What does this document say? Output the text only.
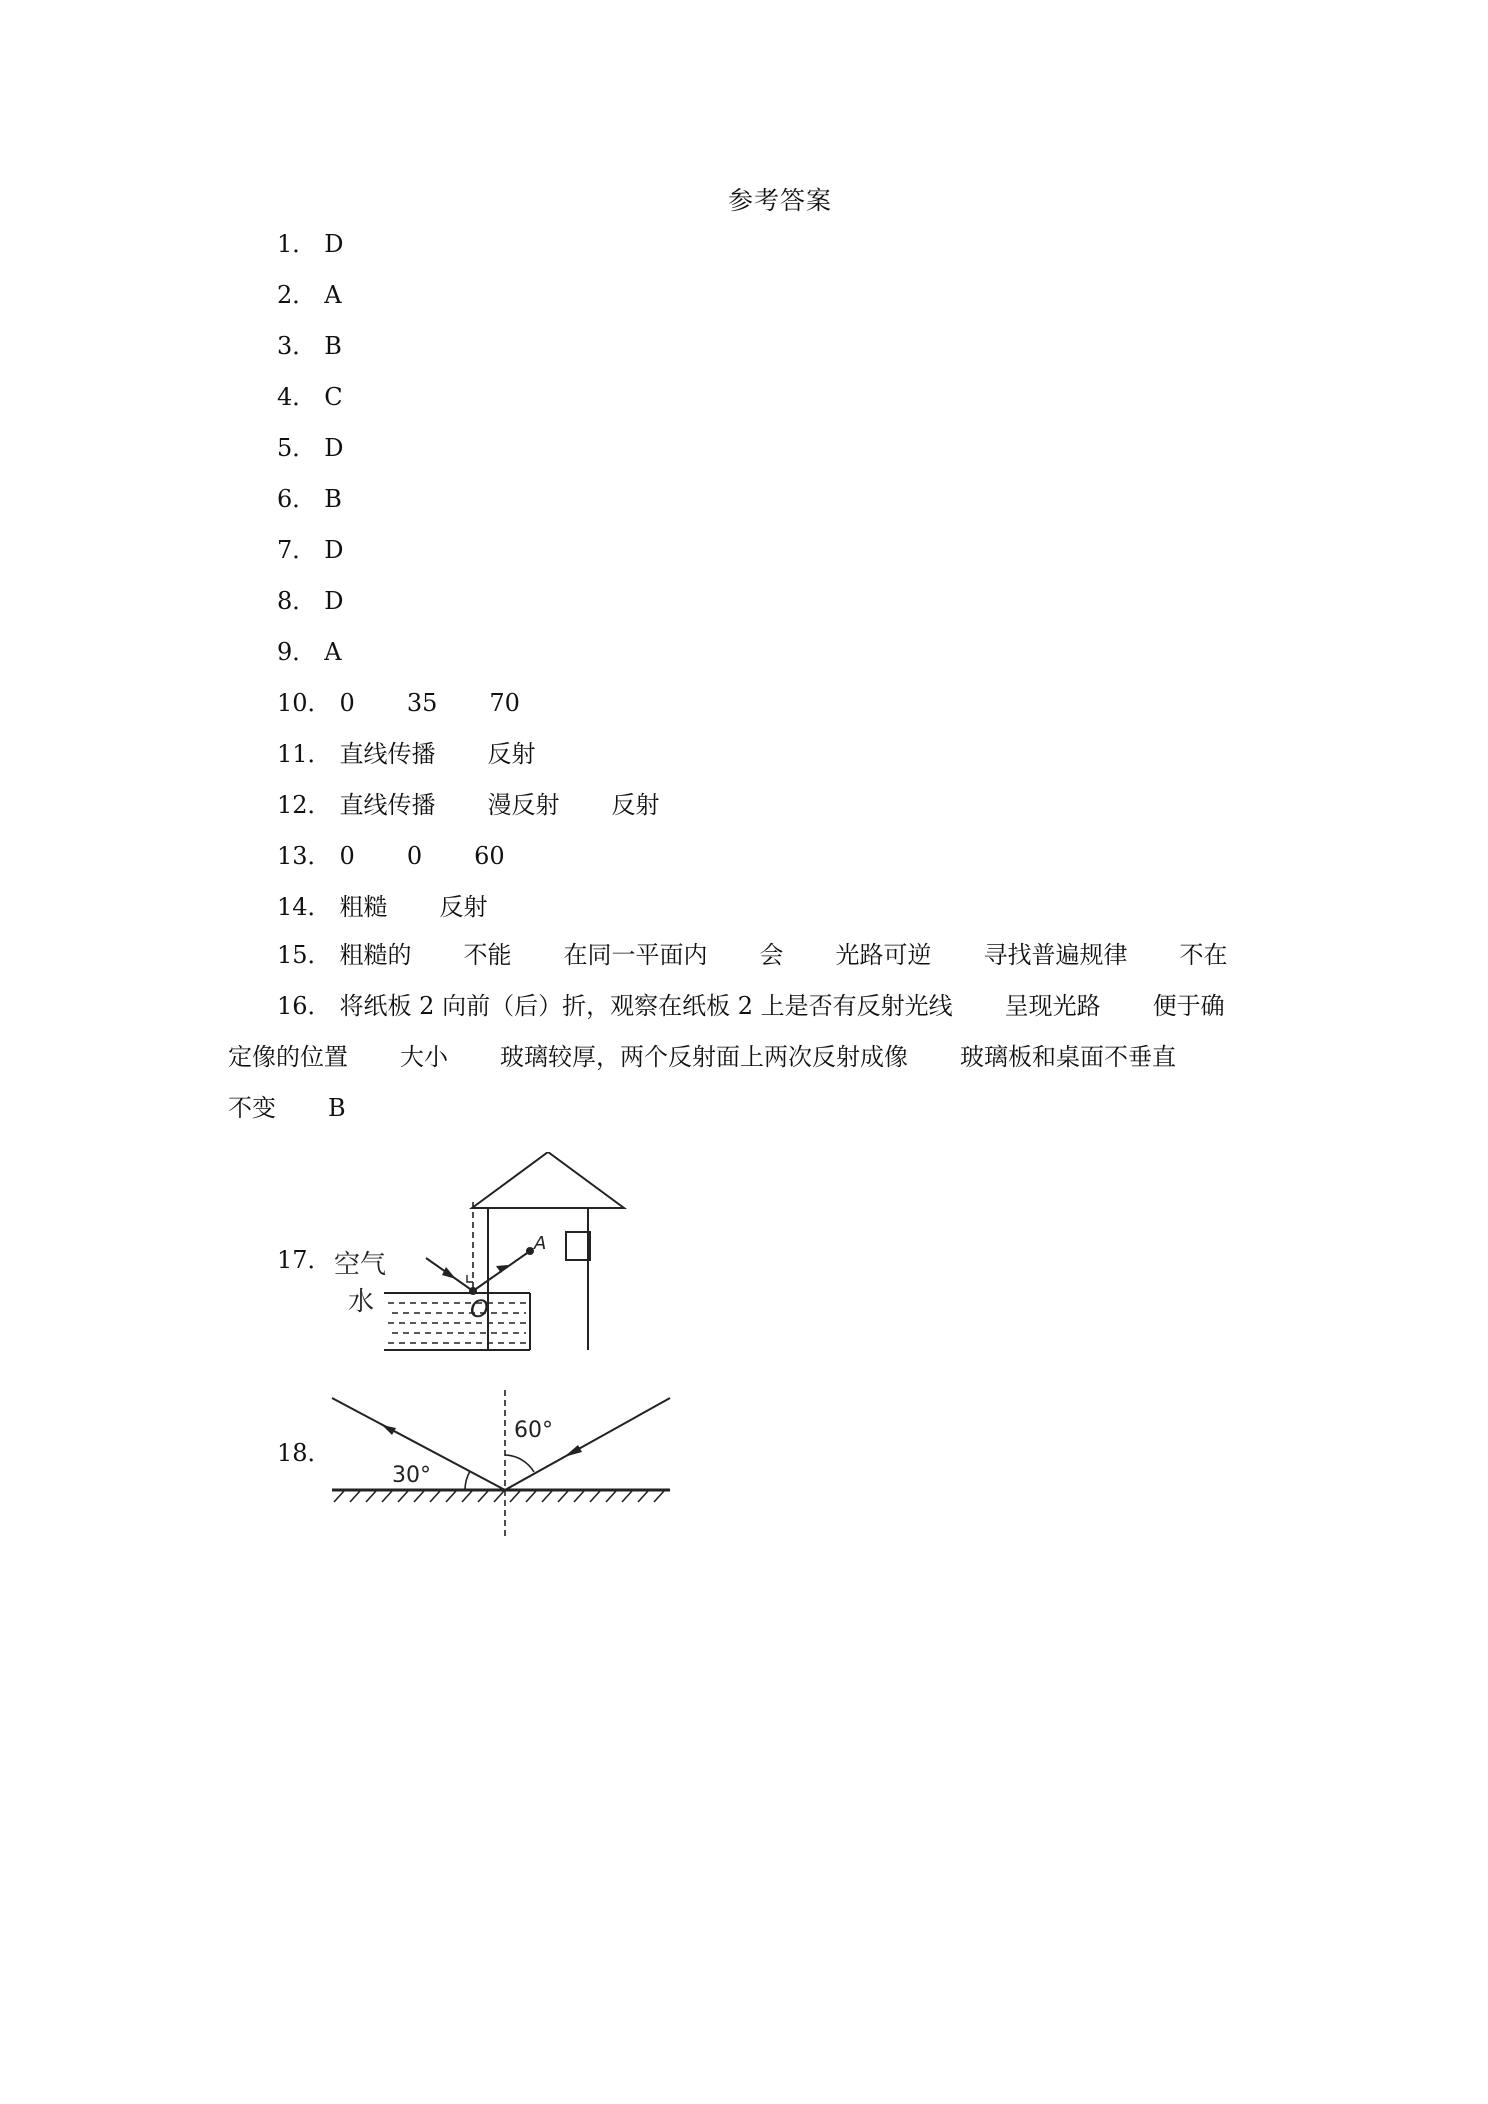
参考答案
1． D
2． A
3． B
4． C
5． D
6． B
7． D
8． D
9． A
10． 0 35 70
11． 直线传播 反射
12． 直线传播 漫反射 反射
13． 0 0 60
14． 粗糙 反射
15． 粗糙的 不能 在同一平面内 会 光路可逆 寻找普遍规律 不在
16． 将纸板 2 向前（后）折，观察在纸板 2 上是否有反射光线 呈现光路 便于确
定像的位置 大小 玻璃较厚，两个反射面上两次反射成像 玻璃板和桌面不垂直
不变 B
17．
A
O
空气
水
18．
30°
60°
